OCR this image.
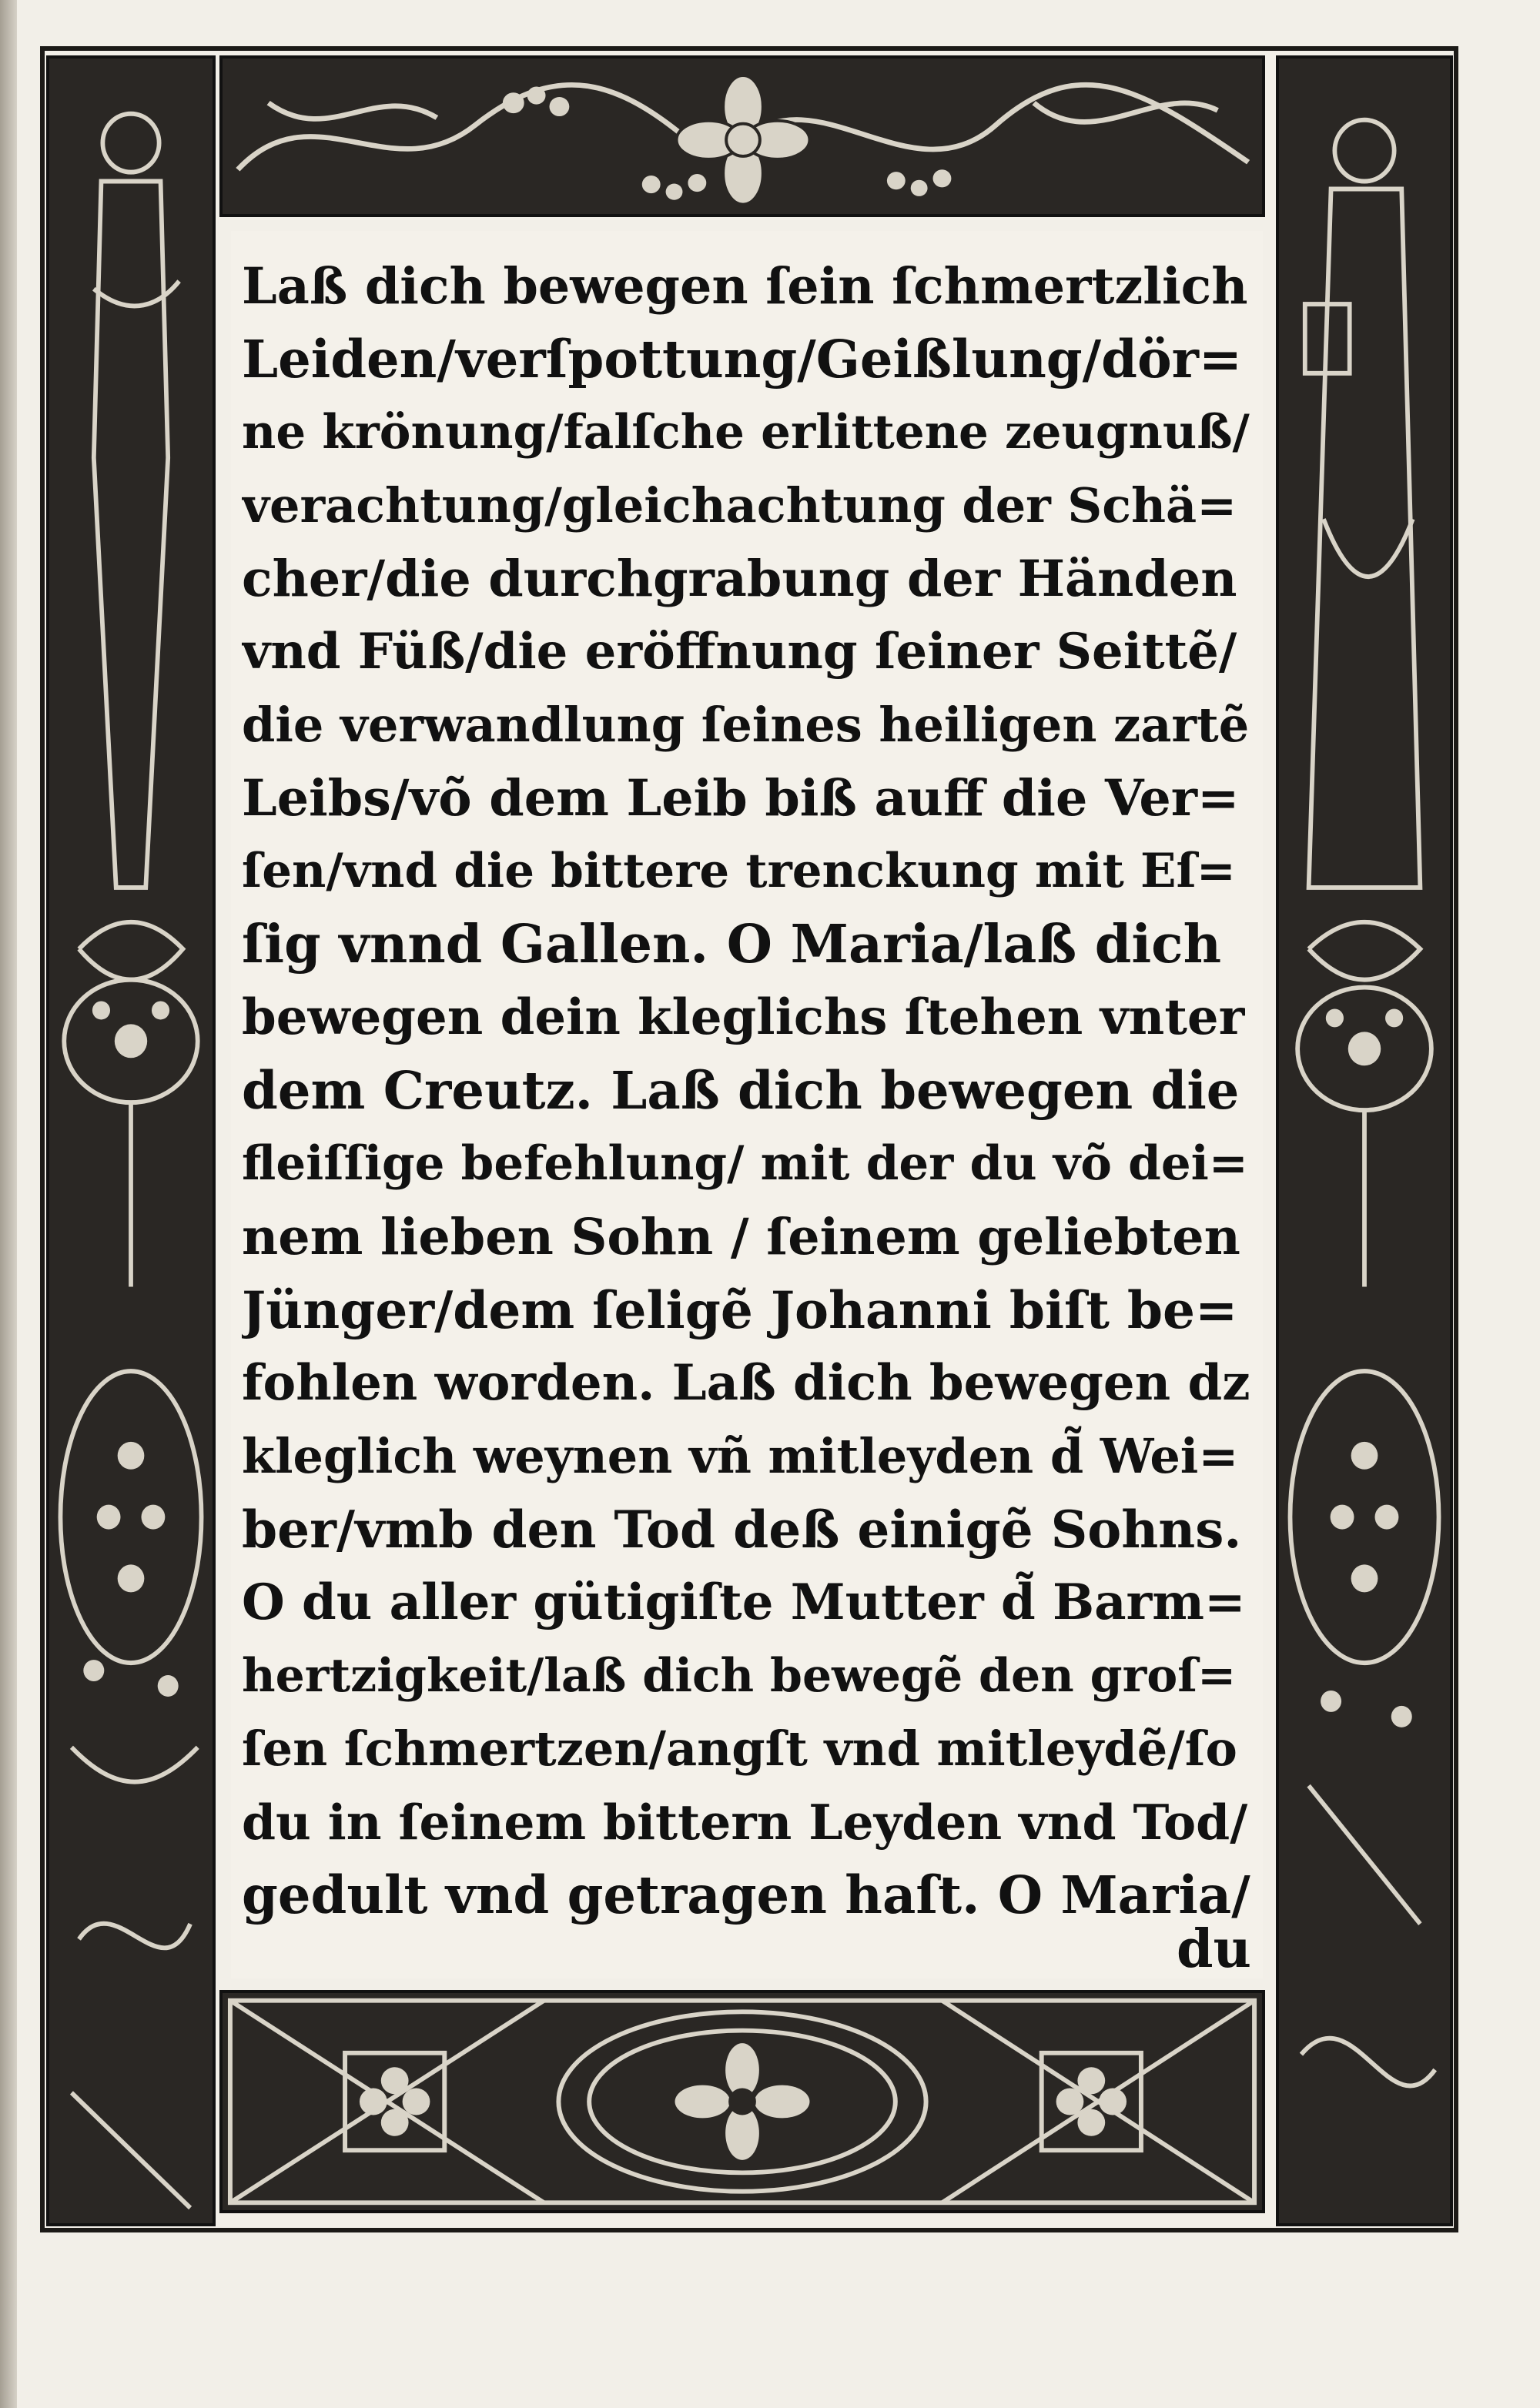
Laß dich bewegen ſein ſchmertzlich
Leiden/verſpottung/Geißlung/dör=
ne krönung/falſche erlittene zeugnuß/
verachtung/gleichachtung der Schä=
cher/die durchgrabung der Händen
vnd Füß/die eröffnung ſeiner Seittẽ/
die verwandlung ſeines heiligen zartẽ
Leibs/võ dem Leib biß auff die Ver=
ſen/vnd die bittere trenckung mit Eſ=
ſig vnnd Gallen. O Maria/laß dich
bewegen dein kleglichs ſtehen vnter
dem Creutz. Laß dich bewegen die
fleiſſige befehlung/ mit der du võ dei=
nem lieben Sohn / ſeinem geliebten
Jünger/dem ſeligẽ Johanni biſt be=
fohlen worden. Laß dich bewegen dz
kleglich weynen vñ mitleyden d̃ Wei=
ber/vmb den Tod deß einigẽ Sohns.
O du aller gütigiſte Mutter d̃ Barm=
hertzigkeit/laß dich bewegẽ den groſ=
ſen ſchmertzen/angſt vnd mitleydẽ/ſo
du in ſeinem bittern Leyden vnd Tod/
gedult vnd getragen haſt. O Maria/
du
